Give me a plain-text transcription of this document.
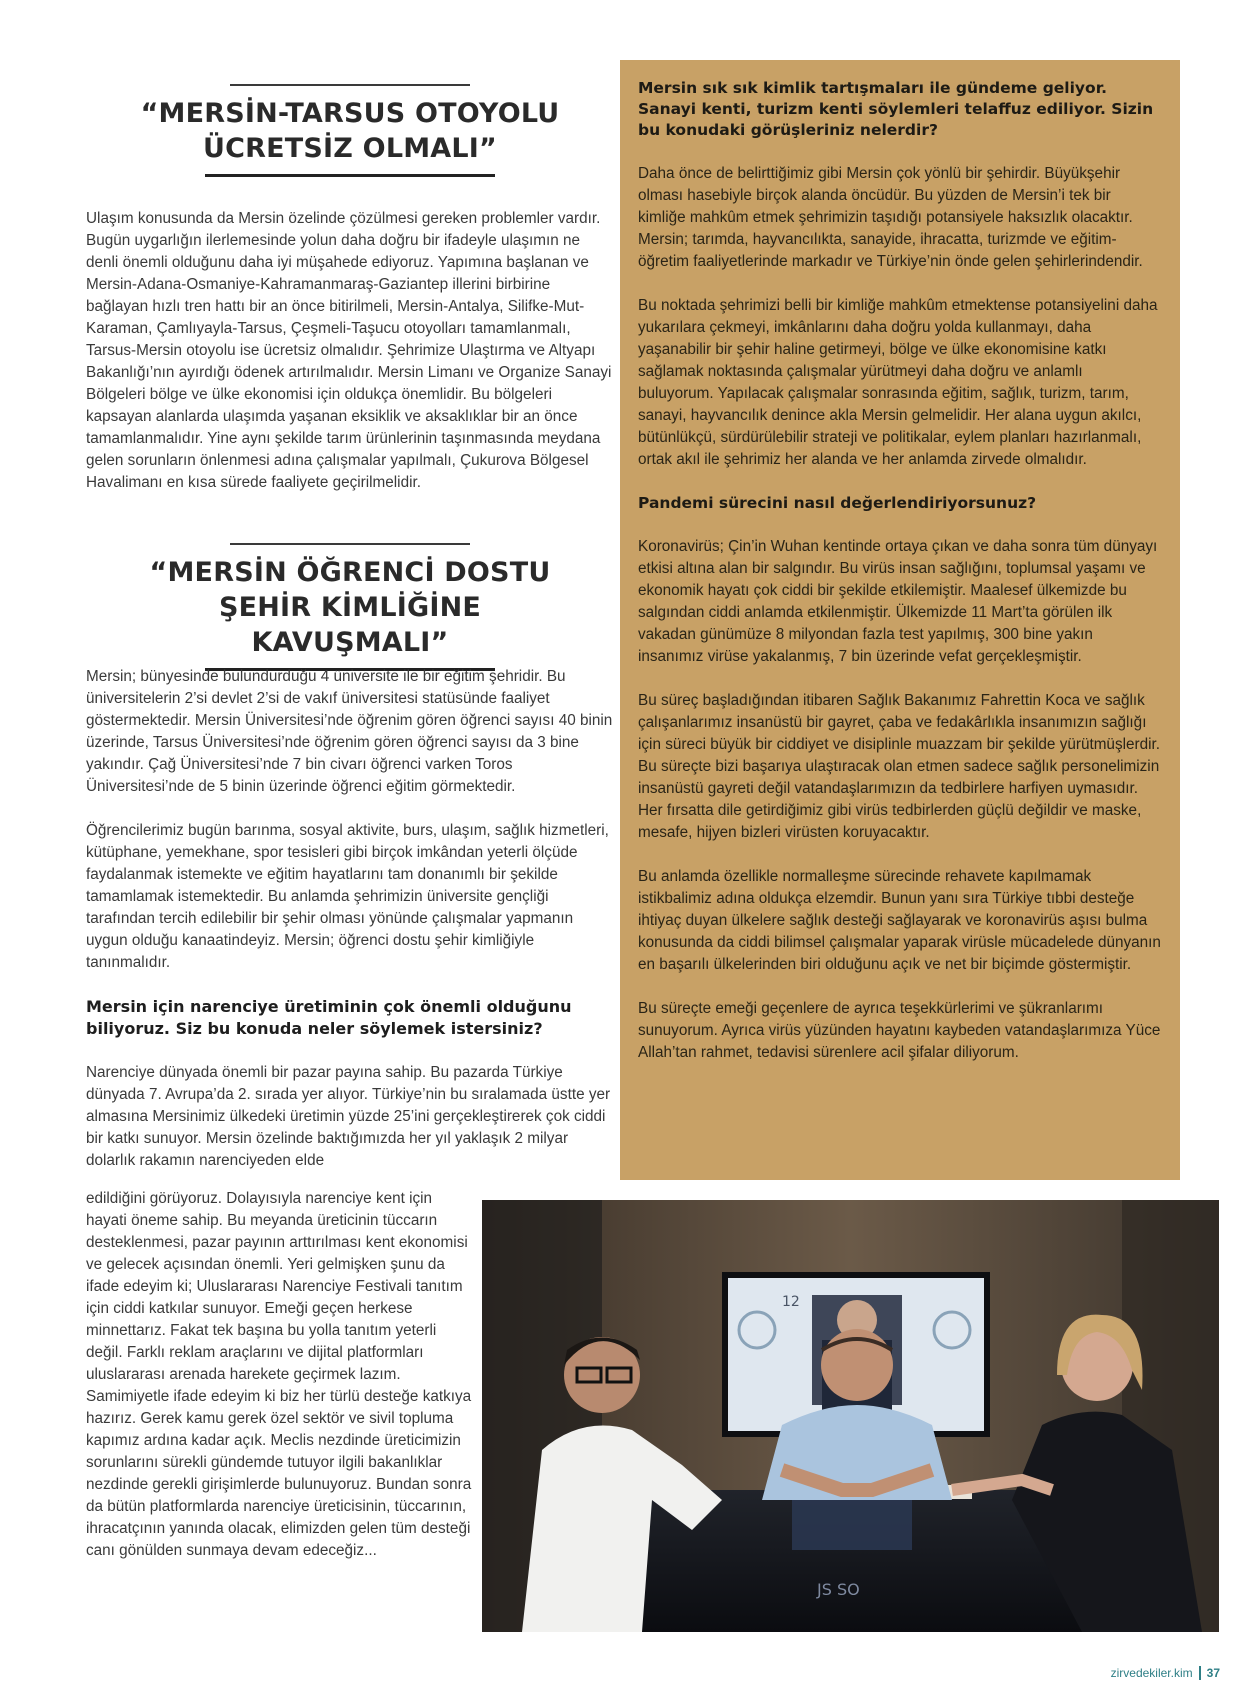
“MERSİN-TARSUS OTOYOLU ÜCRETSİZ OLMALI”

Ulaşım konusunda da Mersin özelinde çözülmesi gereken problemler vardır. Bugün uygarlığın ilerlemesinde yolun daha doğru bir ifadeyle ulaşımın ne denli önemli olduğunu daha iyi müşahede ediyoruz. Yapımına başlanan ve Mersin-Adana-Osmaniye-Kahramanmaraş-Gaziantep illerini birbirine bağlayan hızlı tren hattı bir an önce bitirilmeli, Mersin-Antalya, Silifke-Mut-Karaman, Çamlıyayla-Tarsus, Çeşmeli-Taşucu otoyolları tamamlanmalı, Tarsus-Mersin otoyolu ise ücretsiz olmalıdır. Şehrimize Ulaştırma ve Altyapı Bakanlığı’nın ayırdığı ödenek artırılmalıdır. Mersin Limanı ve Organize Sanayi Bölgeleri bölge ve ülke ekonomisi için oldukça önemlidir. Bu bölgeleri kapsayan alanlarda ulaşımda yaşanan eksiklik ve aksaklıklar bir an önce tamamlanmalıdır. Yine aynı şekilde tarım ürünlerinin taşınmasında meydana gelen sorunların önlenmesi adına çalışmalar yapılmalı, Çukurova Bölgesel Havalimanı en kısa sürede faaliyete geçirilmelidir.

“MERSİN ÖĞRENCİ DOSTU ŞEHİR KİMLİĞİNE KAVUŞMALI”

Mersin; bünyesinde bulundurduğu 4 üniversite ile bir eğitim şehridir. Bu üniversitelerin 2’si devlet 2’si de vakıf üniversitesi statüsünde faaliyet göstermektedir. Mersin Üniversitesi’nde öğrenim gören öğrenci sayısı 40 binin üzerinde, Tarsus Üniversitesi’nde öğrenim gören öğrenci sayısı da 3 bine yakındır. Çağ Üniversitesi’nde 7 bin civarı öğrenci varken Toros Üniversitesi’nde de 5 binin üzerinde öğrenci eğitim görmektedir.

Öğrencilerimiz bugün barınma, sosyal aktivite, burs, ulaşım, sağlık hizmetleri, kütüphane, yemekhane, spor tesisleri gibi birçok imkândan yeterli ölçüde faydalanmak istemekte ve eğitim hayatlarını tam donanımlı bir şekilde tamamlamak istemektedir. Bu anlamda şehrimizin üniversite gençliği tarafından tercih edilebilir bir şehir olması yönünde çalışmalar yapmanın uygun olduğu kanaatindeyiz. Mersin; öğrenci dostu şehir kimliğiyle tanınmalıdır.

Mersin için narenciye üretiminin çok önemli olduğunu biliyoruz. Siz bu konuda neler söylemek istersiniz?

Narenciye dünyada önemli bir pazar payına sahip. Bu pazarda Türkiye dünyada 7. Avrupa’da 2. sırada yer alıyor. Türkiye’nin bu sıralamada üstte yer almasına Mersinimiz ülkedeki üretimin yüzde 25’ini gerçekleştirerek çok ciddi bir katkı sunuyor. Mersin özelinde baktığımızda her yıl yaklaşık 2 milyar dolarlık rakamın narenciyeden elde

edildiğini görüyoruz. Dolayısıyla narenciye kent için hayati öneme sahip. Bu meyanda üreticinin tüccarın desteklenmesi, pazar payının arttırılması kent ekonomisi ve gelecek açısından önemli. Yeri gelmişken şunu da ifade edeyim ki; Uluslararası Narenciye Festivali tanıtım için ciddi katkılar sunuyor. Emeği geçen herkese minnettarız. Fakat tek başına bu yolla tanıtım yeterli değil. Farklı reklam araçlarını ve dijital platformları uluslararası arenada harekete geçirmek lazım.

Samimiyetle ifade edeyim ki biz her türlü desteğe katkıya hazırız. Gerek kamu gerek özel sektör ve sivil topluma kapımız ardına kadar açık. Meclis nezdinde üreticimizin sorunlarını sürekli gündemde tutuyor ilgili bakanlıklar nezdinde gerekli girişimlerde bulunuyoruz. Bundan sonra da bütün platformlarda narenciye üreticisinin, tüccarının, ihracatçının yanında olacak, elimizden gelen tüm desteği canı gönülden sunmaya devam edeceğiz...

Mersin sık sık kimlik tartışmaları ile gündeme geliyor. Sanayi kenti, turizm kenti söylemleri telaffuz ediliyor. Sizin bu konudaki görüşleriniz nelerdir?

Daha önce de belirttiğimiz gibi Mersin çok yönlü bir şehirdir. Büyükşehir olması hasebiyle birçok alanda öncüdür. Bu yüzden de Mersin’i tek bir kimliğe mahkûm etmek şehrimizin taşıdığı potansiyele haksızlık olacaktır. Mersin; tarımda, hayvancılıkta, sanayide, ihracatta, turizmde ve eğitim-öğretim faaliyetlerinde markadır ve Türkiye’nin önde gelen şehirlerindendir.

Bu noktada şehrimizi belli bir kimliğe mahkûm etmektense potansiyelini daha yukarılara çekmeyi, imkânlarını daha doğru yolda kullanmayı, daha yaşanabilir bir şehir haline getirmeyi, bölge ve ülke ekonomisine katkı sağlamak noktasında çalışmalar yürütmeyi daha doğru ve anlamlı buluyorum. Yapılacak çalışmalar sonrasında eğitim, sağlık, turizm, tarım, sanayi, hayvancılık denince akla Mersin gelmelidir. Her alana uygun akılcı, bütünlükçü, sürdürülebilir strateji ve politikalar, eylem planları hazırlanmalı, ortak akıl ile şehrimiz her alanda ve her anlamda zirvede olmalıdır.

Pandemi sürecini nasıl değerlendiriyorsunuz?

Koronavirüs; Çin’in Wuhan kentinde ortaya çıkan ve daha sonra tüm dünyayı etkisi altına alan bir salgındır. Bu virüs insan sağlığını, toplumsal yaşamı ve ekonomik hayatı çok ciddi bir şekilde etkilemiştir. Maalesef ülkemizde bu salgından ciddi anlamda etkilenmiştir. Ülkemizde 11 Mart’ta görülen ilk vakadan günümüze 8 milyondan fazla test yapılmış, 300 bine yakın insanımız virüse yakalanmış, 7 bin üzerinde vefat gerçekleşmiştir.

Bu süreç başladığından itibaren Sağlık Bakanımız Fahrettin Koca ve sağlık çalışanlarımız insanüstü bir gayret, çaba ve fedakârlıkla insanımızın sağlığı için süreci büyük bir ciddiyet ve disiplinle muazzam bir şekilde yürütmüşlerdir. Bu süreçte bizi başarıya ulaştıracak olan etmen sadece sağlık personelimizin insanüstü gayreti değil vatandaşlarımızın da tedbirlere harfiyen uymasıdır. Her fırsatta dile getirdiğimiz gibi virüs tedbirlerden güçlü değildir ve maske, mesafe, hijyen bizleri virüsten koruyacaktır.

Bu anlamda özellikle normalleşme sürecinde rehavete kapılmamak istikbalimiz adına oldukça elzemdir. Bunun yanı sıra Türkiye tıbbi desteğe ihtiyaç duyan ülkelere sağlık desteği sağlayarak ve koronavirüs aşısı bulma konusunda da ciddi bilimsel çalışmalar yaparak virüsle mücadelede dünyanın en başarılı ülkelerinden biri olduğunu açık ve net bir biçimde göstermiştir.

Bu süreçte emeği geçenlere de ayrıca teşekkürlerimi ve şükranlarımı sunuyorum. Ayrıca virüs yüzünden hayatını kaybeden vatandaşlarımıza Yüce Allah’tan rahmet, tedavisi sürenlere acil şifalar diliyorum.

12
JS SO
zirvedekiler.kim 37
